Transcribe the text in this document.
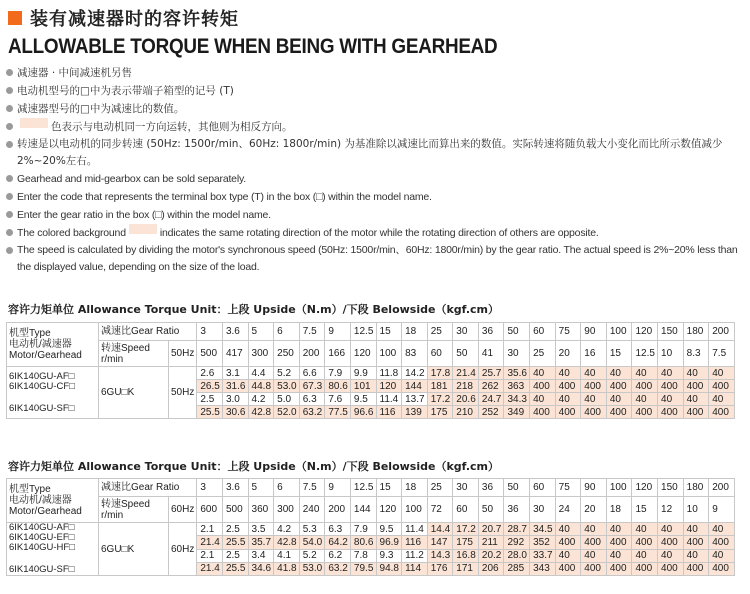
装有减速器时的容许转矩
ALLOWABLE TORQUE WHEN BEING WITH GEARHEAD
减速器 · 中间减速机另售
电动机型号的□中为表示带端子箱型的记号 (T)
减速器型号的□中为减速比的数值。
色表示与电动机同一方向运转，其他则为相反方向。
转速是以电动机的同步转速 (50Hz: 1500r/min、60Hz: 1800r/min) 为基准除以减速比而算出来的数值。实际转速将随负载大小变化而比所示数值减少2%~20%左右。
Gearhead and mid-gearbox can be sold separately.
Enter the code that represents the terminal box type (T) in the box (□) within the model name.
Enter the gear ratio in the box (□) within the model name.
The colored background	indicates the same rotating direction of the motor while the rotating direction of others are opposite.
The speed is calculated by dividing the motor's synchronous speed (50Hz: 1500r/min、60Hz: 1800r/min) by the gear ratio. The actual speed is 2%~20% less than the displayed value, depending on the size of the load.
容许力矩单位 Allowance Torque Unit：上段 Upside（N.m）/下段 Belowside（kgf.cm）
机型Type
电动机/减速器
Motor/Gearhead	减速比Gear Ratio		3	3.6	5	6	7.5	9	12.5	15	18	25	30	36	50	60	75	90	100	120	150	180	200

	转速Speed
r/min	50Hz	500	417	300	250	200	166	120	100	83	60	50	41	30	25	20	16	15	12.5	10	8.3	7.5

6IK140GU-AF□
6IK140GU-CF□
6IK140GU-SF□	6GU□K	50Hz	2.6	3.1	4.4	5.2	6.6	7.9	9.9	11.8	14.2	17.8	21.4	25.7	35.6	40	40	40	40	40	40	40	40
			26.5	31.6	44.8	53.0	67.3	80.6	101	120	144	181	218	262	363	400	400	400	400	400	400	400	400
			2.5	3.0	4.2	5.0	6.3	7.6	9.5	11.4	13.7	17.2	20.6	24.7	34.3	40	40	40	40	40	40	40	40
			25.5	30.6	42.8	52.0	63.2	77.5	96.6	116	139	175	210	252	349	400	400	400	400	400	400	400	400
容许力矩单位 Allowance Torque Unit：上段 Upside（N.m）/下段 Belowside（kgf.cm）
机型Type
电动机/减速器
Motor/Gearhead	减速比Gear Ratio		3	3.6	5	6	7.5	9	12.5	15	18	25	30	36	50	60	75	90	100	120	150	180	200

	转速Speed
r/min	60Hz	600	500	360	300	240	200	144	120	100	72	60	50	36	30	24	20	18	15	12	10	9

6IK140GU-AF□
6IK140GU-EF□
6IK140GU-HF□
6IK140GU-SF□	6GU□K	60Hz	2.1	2.5	3.5	4.2	5.3	6.3	7.9	9.5	11.4	14.4	17.2	20.7	28.7	34.5	40	40	40	40	40	40	40
			21.4	25.5	35.7	42.8	54.0	64.2	80.6	96.9	116	147	175	211	292	352	400	400	400	400	400	400	400
			2.1	2.5	3.4	4.1	5.2	6.2	7.8	9.3	11.2	14.3	16.8	20.2	28.0	33.7	40	40	40	40	40	40	40
			21.4	25.5	34.6	41.8	53.0	63.2	79.5	94.8	114	176	171	206	285	343	400	400	400	400	400	400	400
